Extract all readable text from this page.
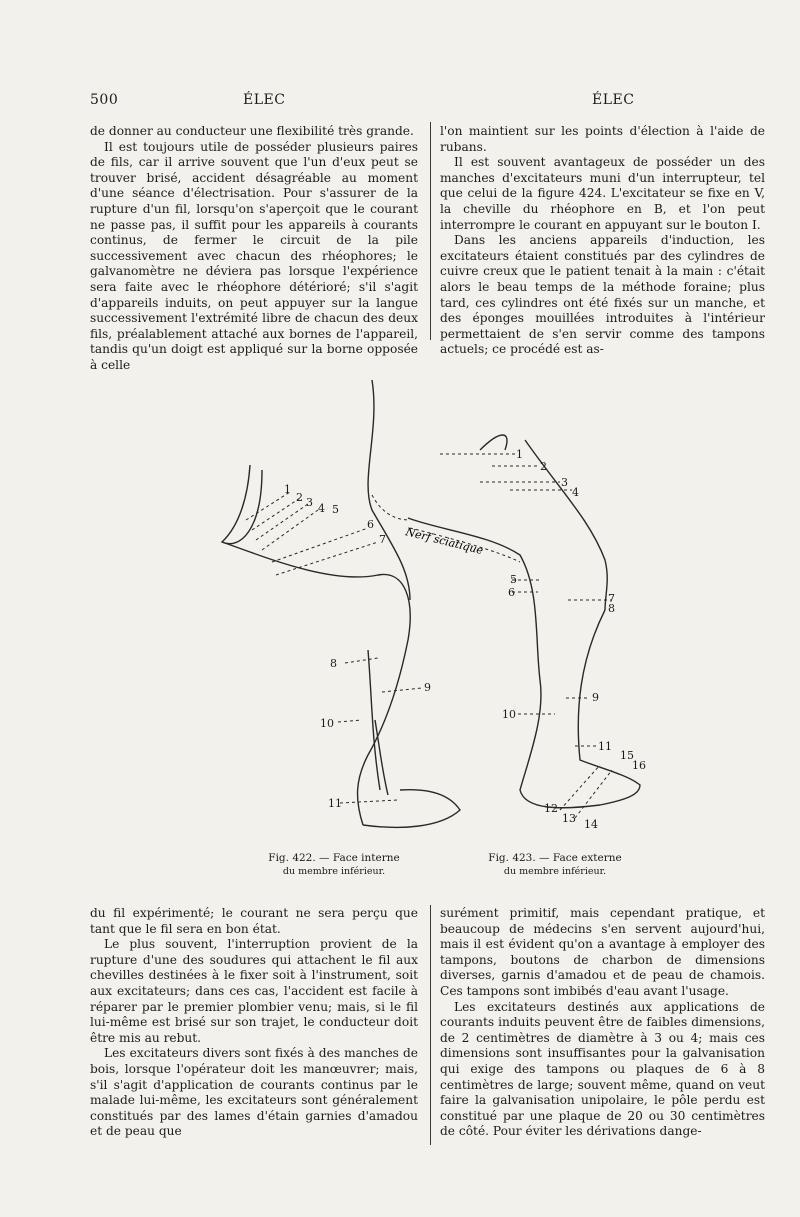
500	ÉLEC	ÉLEC

de donner au conducteur une flexibilité très grande.

Il est toujours utile de posséder plusieurs paires de fils, car il arrive souvent que l'un d'eux peut se trouver brisé, accident désagréable au moment d'une séance d'électrisation. Pour s'assurer de la rupture d'un fil, lorsqu'on s'aperçoit que le courant ne passe pas, il suffit pour les appareils à courants continus, de fermer le circuit de la pile successivement avec chacun des rhéophores; le galvanomètre ne déviera pas lorsque l'expérience sera faite avec le rhéophore détérioré; s'il s'agit d'appareils induits, on peut appuyer sur la langue successivement l'extrémité libre de chacun des deux fils, préalablement attaché aux bornes de l'appareil, tandis qu'un doigt est appliqué sur la borne opposée à celle

l'on maintient sur les points d'élection à l'aide de rubans.

Il est souvent avantageux de posséder un des manches d'excitateurs muni d'un interrupteur, tel que celui de la figure 424. L'excitateur se fixe en V, la cheville du rhéophore en B, et l'on peut interrompre le courant en appuyant sur le bouton I.

Dans les anciens appareils d'induction, les excitateurs étaient constitués par des cylindres de cuivre creux que le patient tenait à la main : c'était alors le beau temps de la méthode foraine; plus tard, ces cylindres ont été fixés sur un manche, et des éponges mouillées introduites à l'intérieur permettaient de s'en servir comme des tampons actuels; ce procédé est as-

Nerf sciatique
1
2 3 4 5
6
7
8
9
10
11
1
2
3
4
5
6	7
8
9
10
11
12
13 14
15
16
Fig. 422. — Face interne
du membre inférieur.
Fig. 423. — Face externe
du membre inférieur.

du fil expérimenté; le courant ne sera perçu que tant que le fil sera en bon état.

Le plus souvent, l'interruption provient de la rupture d'une des soudures qui attachent le fil aux chevilles destinées à le fixer soit à l'instrument, soit aux excitateurs; dans ces cas, l'accident est facile à réparer par le premier plombier venu; mais, si le fil lui-même est brisé sur son trajet, le conducteur doit être mis au rebut.

Les excitateurs divers sont fixés à des manches de bois, lorsque l'opérateur doit les manœuvrer; mais, s'il s'agit d'application de courants continus par le malade lui-même, les excitateurs sont généralement constitués par des lames d'étain garnies d'amadou et de peau que

surément primitif, mais cependant pratique, et beaucoup de médecins s'en servent aujourd'hui, mais il est évident qu'on a avantage à employer des tampons, boutons de charbon de dimensions diverses, garnis d'amadou et de peau de chamois. Ces tampons sont imbibés d'eau avant l'usage.

Les excitateurs destinés aux applications de courants induits peuvent être de faibles dimensions, de 2 centimètres de diamètre à 3 ou 4; mais ces dimensions sont insuffisantes pour la galvanisation qui exige des tampons ou plaques de 6 à 8 centimètres de large; souvent même, quand on veut faire la galvanisation unipolaire, le pôle perdu est constitué par une plaque de 20 ou 30 centimètres de côté. Pour éviter les dérivations dange-
